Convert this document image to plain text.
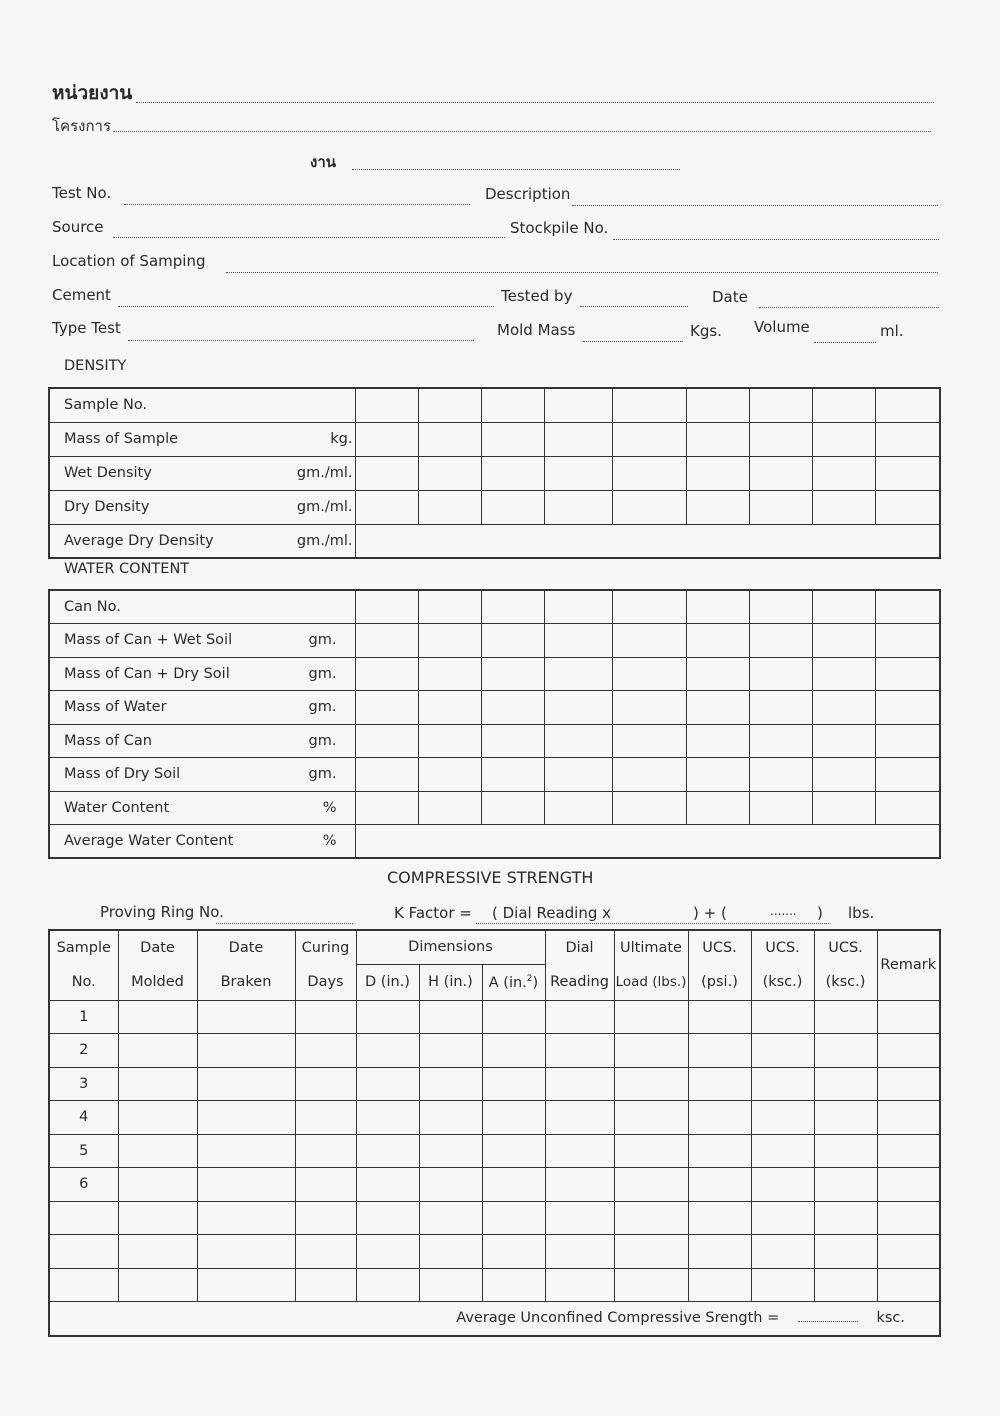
หน่วยงาน
โครงการ
งาน
Test No.	Description
Source	Stockpile No.
Location of Samping
Cement	Tested by	Date
Type Test	Mold Mass	Kgs. Volume	ml.
DENSITY
Sample No.									
Mass of Sample kg.									

Wet Density gm./ml.									

Dry Density gm./ml.									

Average Dry Density gm./ml.									

WATER CONTENT
Can No.

Mass of Can + Wet Soil gm.									

Mass of Can + Dry Soil gm.									

Mass of Water gm.									

Mass of Can gm.									

Mass of Dry Soil gm.									

Water Content %									

Average Water Content %									

COMPRESSIVE STRENGTH
Proving Ring No.	K Factor = ( Dial Reading x	) + (	....... ) lbs.
Sample	Date	Date	Curing	Dimensions			Dial	Ultimate	UCS.	UCS.	UCS.	Remark
No.	Molded	Braken	Days	D (in.)	H (in.)	A (in.$^2$)	Reading	Load (lbs.)	(psi.)	(ksc.)	(ksc.)	
1												
2												
3												
4												
5												
6												

Average Unconfined Compressive Srength = ksc.												
